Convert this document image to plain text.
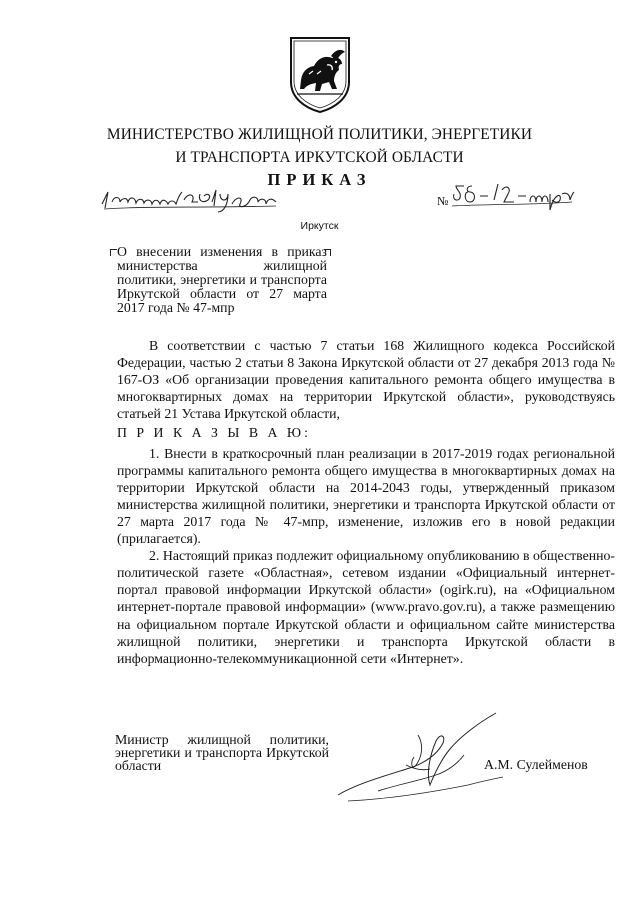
МИНИСТЕРСТВО ЖИЛИЩНОЙ ПОЛИТИКИ, ЭНЕРГЕТИКИ
И ТРАНСПОРТА ИРКУТСКОЙ ОБЛАСТИ
ПРИКАЗ
№
Иркутск
О внесении изменения в приказ министерства жилищной политики, энергетики и транспорта Иркутской области от 27 марта 2017 года № 47-мпр

В соответствии с частью 7 статьи 168 Жилищного кодекса Российской Федерации, частью 2 статьи 8 Закона Иркутской области от 27 декабря 2013 года № 167-ОЗ «Об организации проведения капитального ремонта общего имущества в многоквартирных домах на территории Иркутской области», руководствуясь статьей 21 Устава Иркутской области,

П Р И К А З Ы В А Ю:

1. Внести в краткосрочный план реализации в 2017-2019 годах региональной программы капитального ремонта общего имущества в многоквартирных домах на территории Иркутской области на 2014-2043 годы, утвержденный приказом министерства жилищной политики, энергетики и транспорта Иркутской области от 27 марта 2017 года № 47-мпр, изменение, изложив его в новой редакции (прилагается).

2. Настоящий приказ подлежит официальному опубликованию в общественно-политической газете «Областная», сетевом издании «Официальный интернет-портал правовой информации Иркутской области» (ogirk.ru), на «Официальном интернет-портале правовой информации» (www.pravo.gov.ru), а также размещению на официальном портале Иркутской области и официальном сайте министерства жилищной политики, энергетики и транспорта Иркутской области в информационно-телекоммуникационной сети «Интернет».

Министр жилищной политики, энергетики и транспорта Иркутской области	А.М. Сулейменов
